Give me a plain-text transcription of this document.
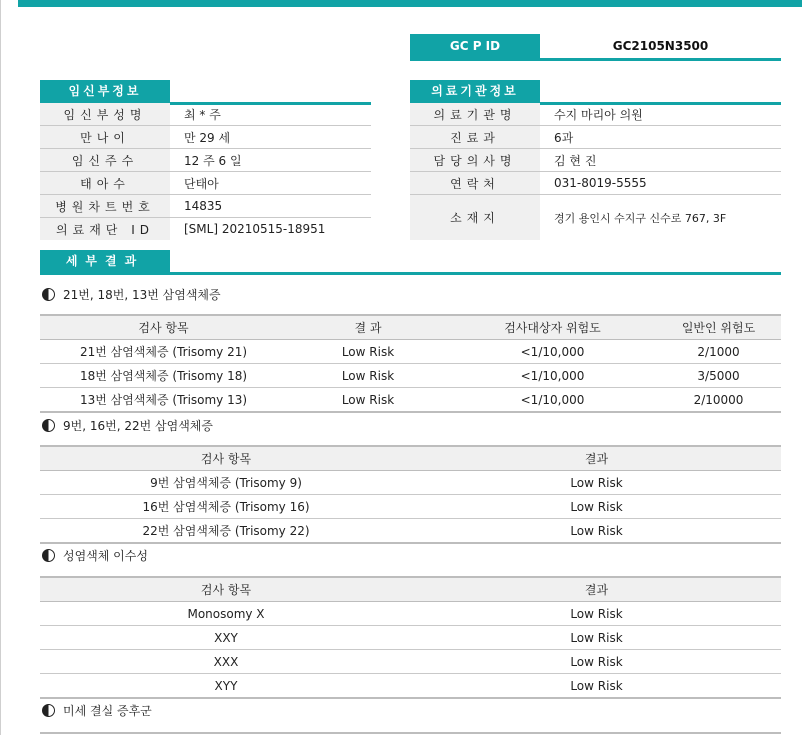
GC P ID	GC2105N3500
임신부정보
임신부성명	최 * 주
만나이	만 29 세
임신주수	12 주 6 일
태아수	단태아
병원차트번호	14835
의료재단 ID	[SML] 20210515-18951
의료기관정보
의료기관명	수지 마리아 의원
진료과	6과
담당의사명	김 현 진
연락처	031-8019-5555
소재지	경기 용인시 수지구 신수로 767, 3F
세부결과
21번, 18번, 13번 삼염색체증
검사 항목	결 과	검사대상자 위험도	일반인 위험도
21번 삼염색체증 (Trisomy 21)	Low Risk	<1/10,000	2/1000
18번 삼염색체증 (Trisomy 18)	Low Risk	<1/10,000	3/5000
13번 삼염색체증 (Trisomy 13)	Low Risk	<1/10,000	2/10000
9번, 16번, 22번 삼염색체증
검사 항목	결과
9번 삼염색체증 (Trisomy 9)	Low Risk
16번 삼염색체증 (Trisomy 16)	Low Risk
22번 삼염색체증 (Trisomy 22)	Low Risk
성염색체 이수성
검사 항목	결과
Monosomy X	Low Risk
XXY	Low Risk
XXX	Low Risk
XYY	Low Risk
미세 결실 증후군
